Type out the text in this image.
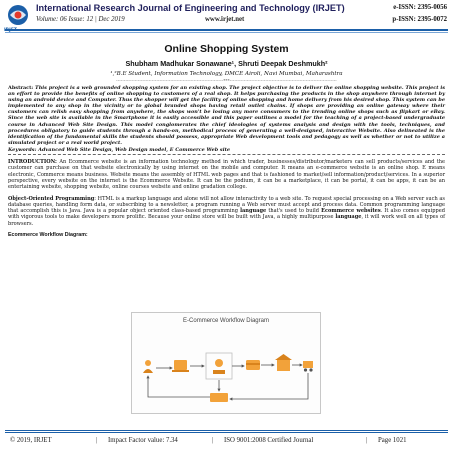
International Research Journal of Engineering and Technology (IRJET)
Volume: 06 Issue: 12 | Dec 2019	www.irjet.net
e-ISSN: 2395-0056
p-ISSN: 2395-0072
Online Shopping System
Shubham Madhukar Sonawane¹, Shruti Deepak Deshmukh²
¹,²B.E Student, Information Technology, DMCE Airoli, Navi Mumbai, Maharashtra
---------------------------------------------------------------------***---------------------------------------------------------------------

Abstract: This project is a web grounded shopping system for an existing shop. The project objective is to deliver the online shopping website. This project is an effort to provide the benefits of online shopping to customers of a real shop. It helps purchasing the products in the shop anywhere through internet by using an android device and Computer. Thus the shopper will get the facility of online shopping and home delivery from his desired shop. This system can be implemented to any shop in the vicinity or to global branded shops having retail outlet chains. If shops are providing an online gateway where their customers can relish easy shopping from anywhere, the shops won't be losing any more consumers to the trending online shops such as flipkart or eBay. Since the web site is available in the Smartphone it is easily accessible and this paper outlines a model for the teaching of a project-based undergraduate course in Advanced Web Site Design. This model conglomerates the chief ideologies of systems analysis and design with the tools, techniques, and procedures obligatory to guide students through a hands-on, methodical process of generating a well-designed, interactive Website. Also delineated is the identification of the fundamental skills the students should possess, appropriate Web development tools and pedagogy as well as whether or not to utilize a simulated project or a real world project.

Keywords: Advanced Web Site Design, Web Design model, E Commerce Web site

INTRODUCTION: An Ecommerce website is an information technology method in which trader, businesses/distributor/marketers can sell products/services and the customer can purchase on that website electronically by using internet on the mobile and computer. It means an e-commerce website is an online shop. E means electronic, Commerce means business. Website means the assembly of HTML web pages and that is fashioned to market/sell information/product/services. In a superior perspective, every website on the internet is the Ecommerce Website. It can be the podium, it can be a marketplace, it can be portal, it can be apps, it can be an entertaining website, shopping website, online courses website and online gradation college.

Object-Oriented Programming: HTML is a markup language and alone will not allow interactivity to a web site. To request special processing on a Web server such as database queries, handling form data, or subscribing to a newsletter, a program running a Web server must accept and process data. Common programming language that accomplish this is Java. Java is a popular object oriented class-based programming language that's used to build Ecommerce websites. It also comes equipped with vigorous tools to make developers more prolific. Because your online store will be built with Java, a highly multipurpose language, it will work well on all types of browsers.

Ecommerce Workflow Diagram:
E-Commerce Workflow Diagram
© 2019, IRJET	| Impact Factor value: 7.34	| ISO 9001:2008 Certified Journal	| Page 1021
